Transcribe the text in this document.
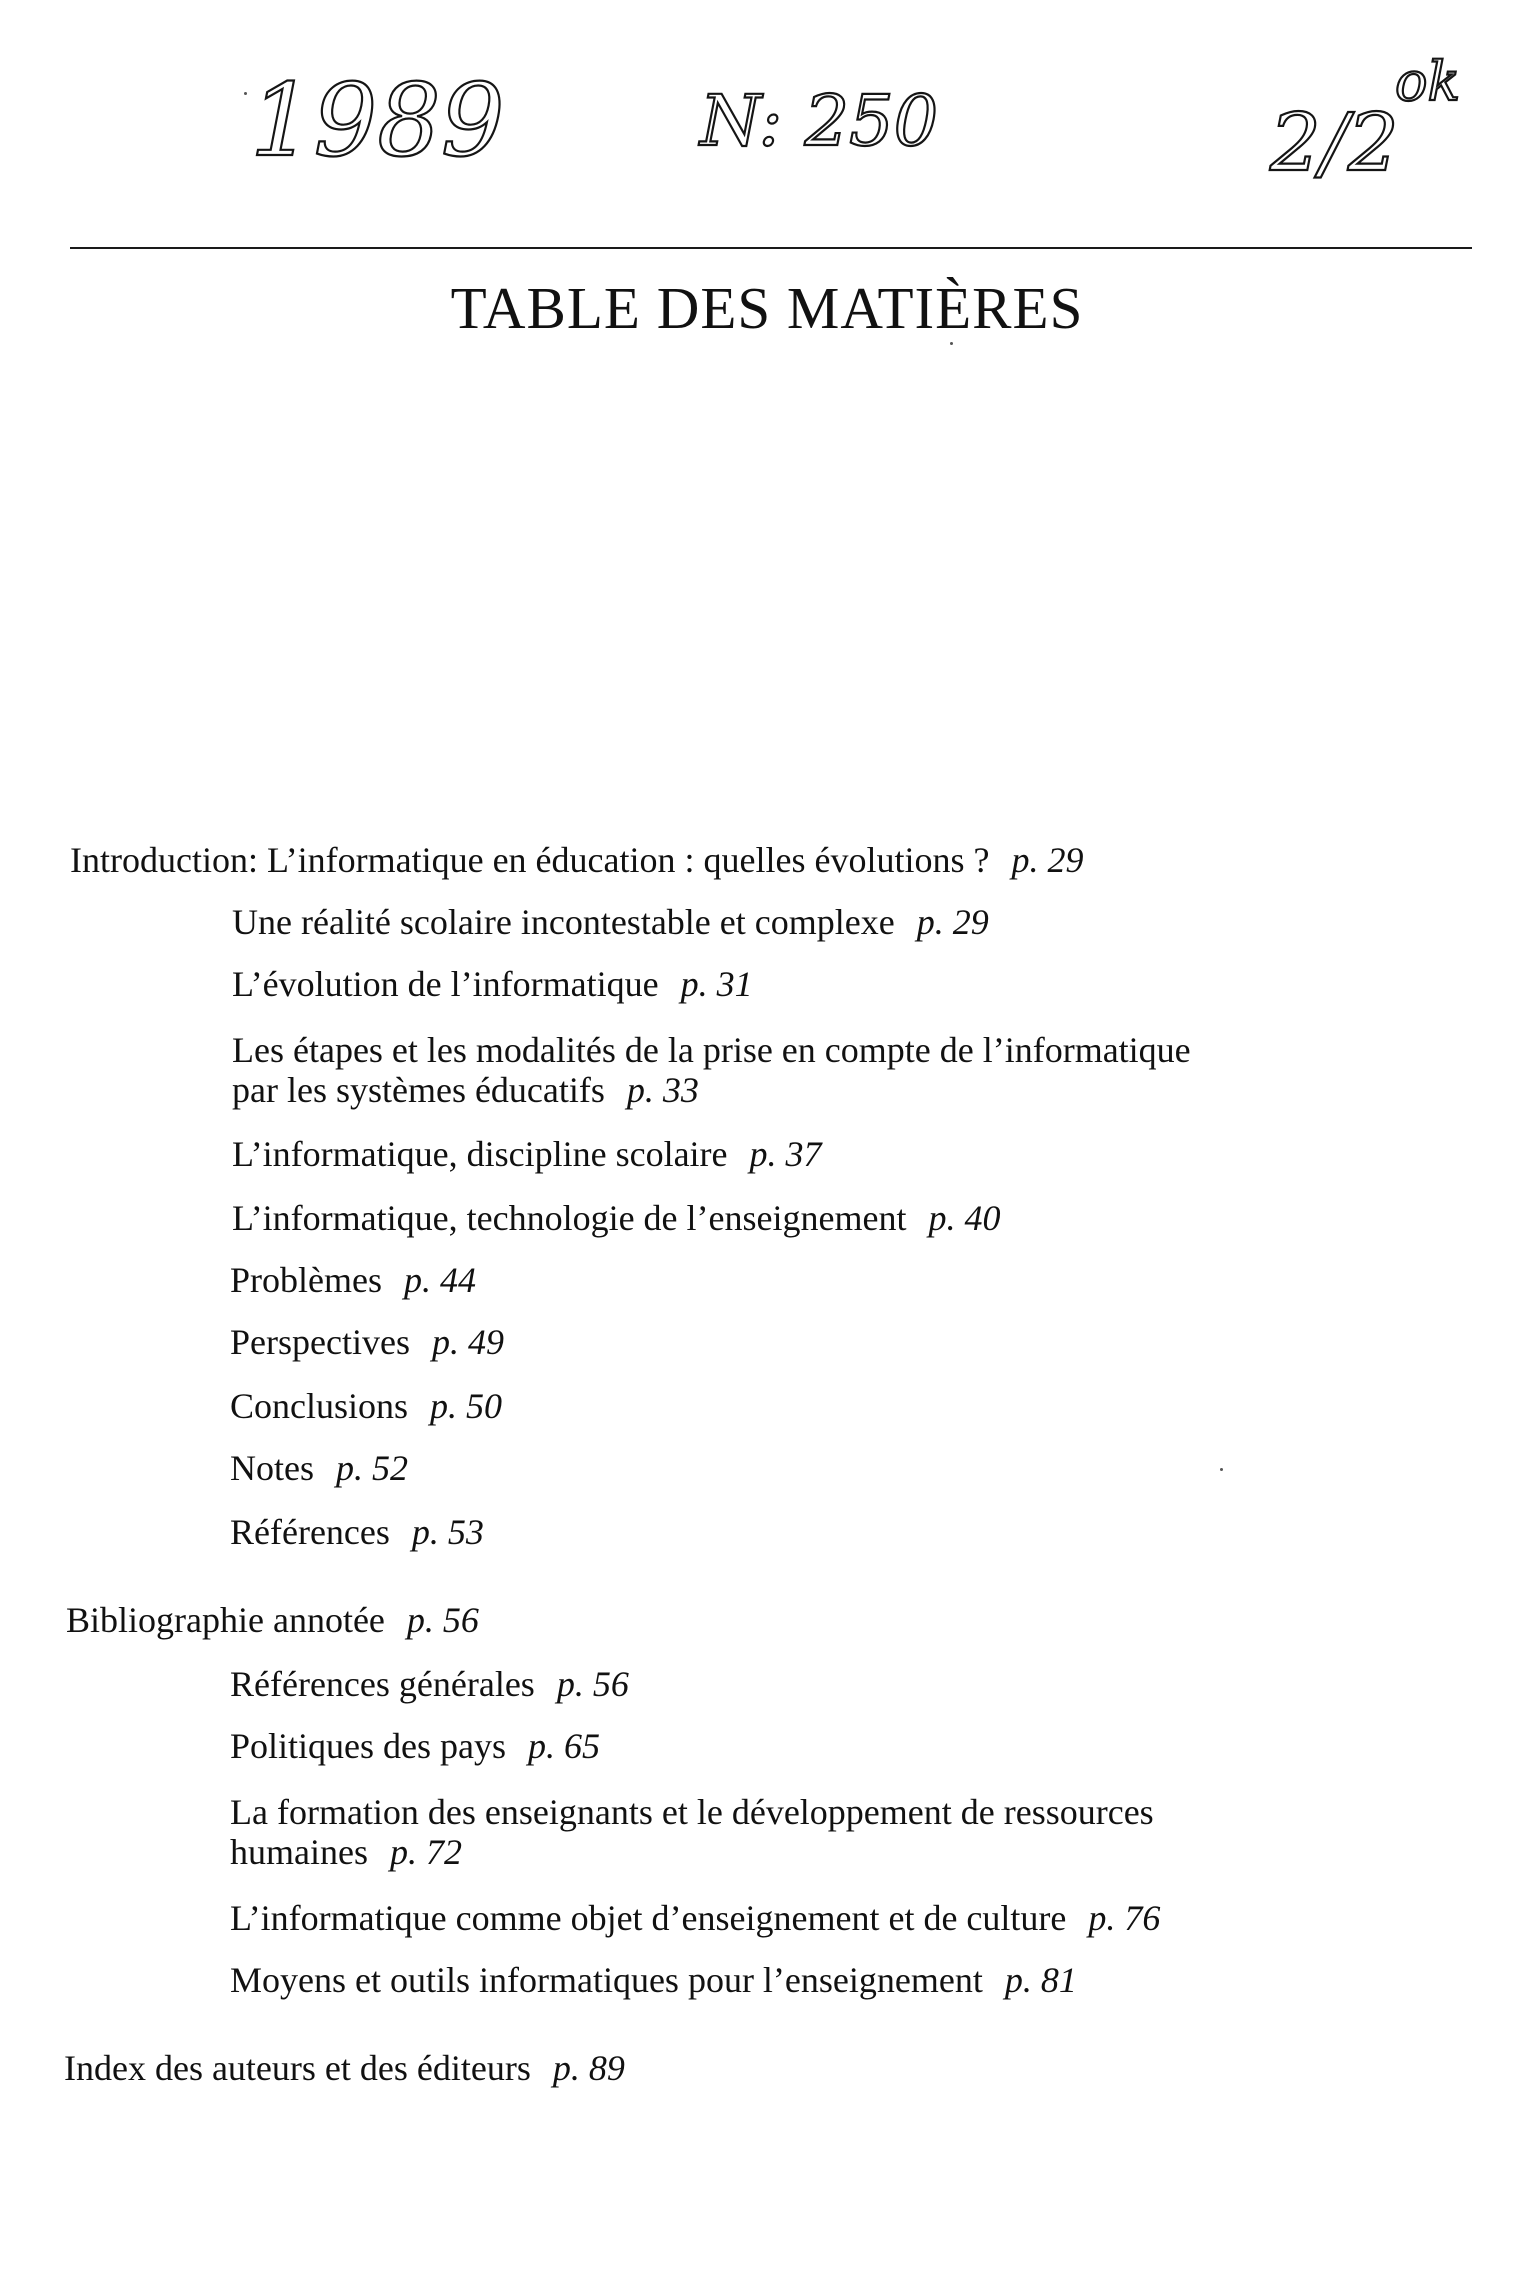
1989	N: 250	2/2
ok
TABLE DES MATIÈRES
Introduction: L’informatique en éducation : quelles évolutions ? p. 29
Une réalité scolaire incontestable et complexe p. 29
L’évolution de l’informatique p. 31
Les étapes et les modalités de la prise en compte de l’informatique
par les systèmes éducatifs p. 33
L’informatique, discipline scolaire p. 37
L’informatique, technologie de l’enseignement p. 40
Problèmes p. 44
Perspectives p. 49
Conclusions p. 50
Notes p. 52
Références p. 53
Bibliographie annotée p. 56
Références générales p. 56
Politiques des pays p. 65
La formation des enseignants et le développement de ressources
humaines p. 72
L’informatique comme objet d’enseignement et de culture p. 76
Moyens et outils informatiques pour l’enseignement p. 81
Index des auteurs et des éditeurs p. 89
